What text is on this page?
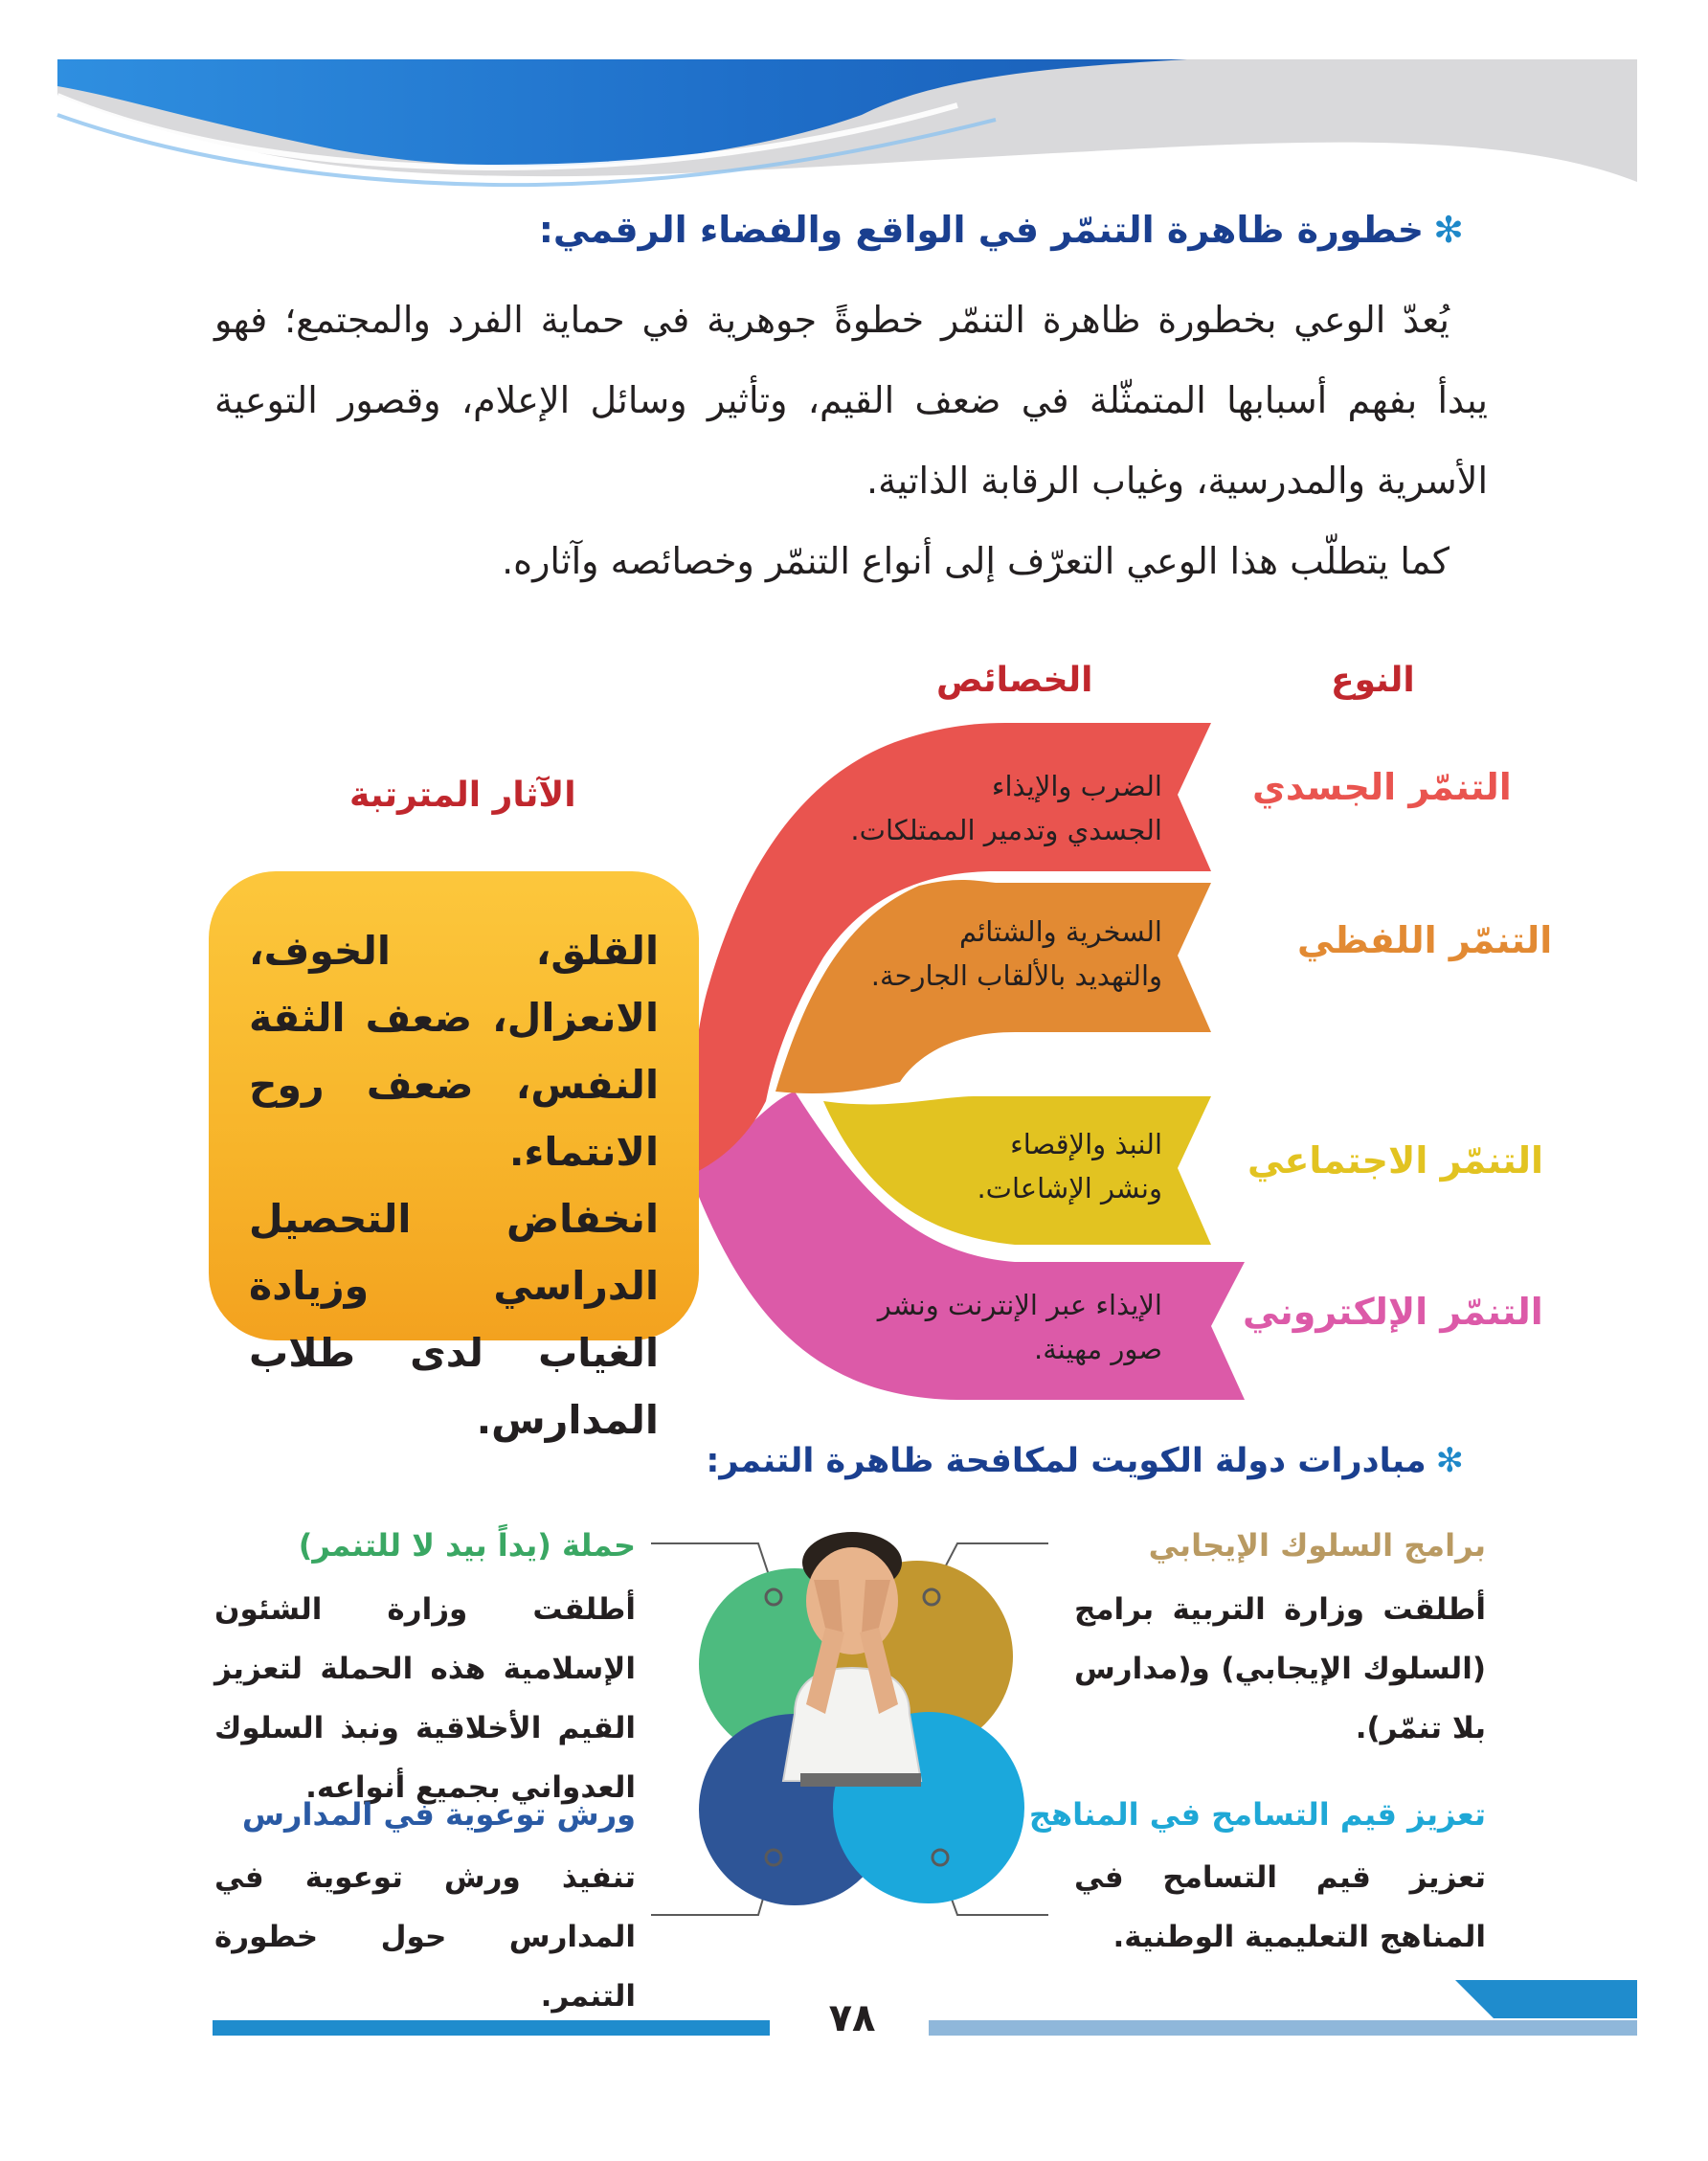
✻خطورة ظاهرة التنمّر في الواقع والفضاء الرقمي:

يُعدّ الوعي بخطورة ظاهرة التنمّر خطوةً جوهرية في حماية الفرد والمجتمع؛ فهو يبدأ بفهم أسبابها المتمثّلة في ضعف القيم، وتأثير وسائل الإعلام، وقصور التوعية الأسرية والمدرسية، وغياب الرقابة الذاتية.

كما يتطلّب هذا الوعي التعرّف إلى أنواع التنمّر وخصائصه وآثاره.

النوع
الخصائص
الآثار المترتبة	التنمّر الجسدي
التنمّر اللفظي
التنمّر الاجتماعي
التنمّر الإلكتروني
الضرب والإيذاء
الجسدي وتدمير الممتلكات.
السخرية والشتائم
والتهديد بالألقاب الجارحة.
النبذ والإقصاء
ونشر الإشاعات.
الإيذاء عبر الإنترنت ونشر
صور مهينة.

القلق، الخوف، الانعزال، ضعف الثقة النفس، ضعف روح الانتماء.

انخفاض التحصيل الدراسي وزيادة الغياب لدى طلاب المدارس.

✻مبادرات دولة الكويت لمكافحة ظاهرة التنمر:
برامج السلوك الإيجابي
أطلقت وزارة التربية برامج (السلوك الإيجابي) و(مدارس بلا تنمّر).
تعزيز قيم التسامح في المناهج
تعزيز قيم التسامح في المناهج التعليمية الوطنية.
حملة (يداً بيد لا للتنمر)
أطلقت وزارة الشئون الإسلامية هذه الحملة لتعزيز القيم الأخلاقية ونبذ السلوك العدواني بجميع أنواعه.
ورش توعوية في المدارس
تنفيذ ورش توعوية في المدارس حول خطورة التنمر.	٧٨
